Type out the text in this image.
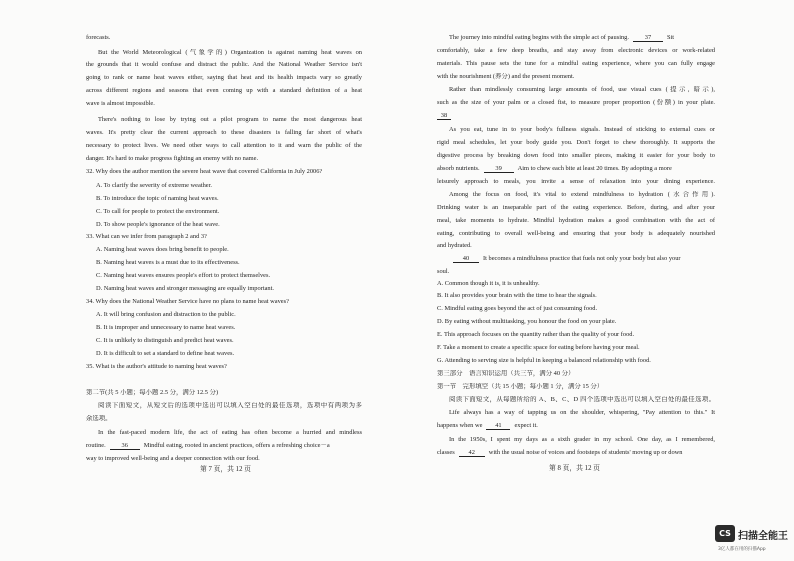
forecasts.
But the World Meteorological (气象学的) Organization is against naming heat waves on
the grounds that it would confuse and distract the public. And the National Weather Service isn't
going to rank or name heat waves either, saying that heat and its health impacts vary so greatly
across different regions and seasons that even coming up with a standard definition of a heat
wave is almost impossible.
There's nothing to lose by trying out a pilot program to name the most dangerous heat
waves. It's pretty clear the current approach to these disasters is falling far short of what's
necessary to protect lives. We need other ways to call attention to it and warn the public of the
danger. It's hard to make progress fighting an enemy with no name.
32. Why does the author mention the severe heat wave that covered California in July 2006?
A. To clarify the severity of extreme weather.
B. To introduce the topic of naming heat waves.
C. To call for people to protect the environment.
D. To show people's ignorance of the heat wave.
33. What can we infer from paragraph 2 and 3?
A. Naming heat waves does bring benefit to people.
B. Naming heat waves is a must due to its effectiveness.
C. Naming heat waves ensures people's effort to protect themselves.
D. Naming heat waves and stronger messaging are equally important.
34. Why does the National Weather Service have no plans to name heat waves?
A. It will bring confusion and distraction to the public.
B. It is improper and unnecessary to name heat waves.
C. It is unlikely to distinguish and predict heat waves.
D. It is difficult to set a standard to define heat waves.
35. What is the author's attitude to naming heat waves?
第二节(共 5 小题；每小题 2.5 分，满分 12.5 分)
阅读下面短文，从短文后的选项中选出可以填入空白处的最佳选项，选项中有两项为多
余选项。
In the fast-paced modern life, the act of eating has often become a hurried and mindless
way to improved well-being and a deeper connection with our food.
routine. 36 Mindful eating, rooted in ancient practices, offers a refreshing choice－a
第 7 页，共 12 页
comfortably, take a few deep breaths, and stay away from electronic devices or work-related
materials. This pause sets the tune for a mindful eating experience, where you can fully engage
with the nourishment (养分) and the present moment.
Rather than mindlessly consuming large amounts of food, use visual cues (提示, 暗示),
such as the size of your palm or a closed fist, to measure proper proportion (份额) in your plate.
As you eat, tune in to your body's fullness signals. Instead of sticking to external cues or
rigid meal schedules, let your body guide you. Don't forget to chew thoroughly. It supports the
digestive process by breaking down food into smaller pieces, making it easier for your body to
leisurely approach to meals, you invite a sense of relaxation into your dining experience.
Among the focus on food, it's vital to extend mindfulness to hydration (水合作用).
Drinking water is an inseparable part of the eating experience. Before, during, and after your
meal, take moments to hydrate. Mindful hydration makes a good combination with the act of
eating, contributing to overall well-being and ensuring that your body is adequately nourished
and hydrated.
soul.
A. Common though it is, it is unhealthy.
B. It also provides your brain with the time to hear the signals.
C. Mindful eating goes beyond the act of just consuming food.
D. By eating without multitasking, you honour the food on your plate.
E. This approach focuses on the quantity rather than the quality of your food.
F. Take a moment to create a specific space for eating before having your meal.
G. Attending to serving size is helpful in keeping a balanced relationship with food.
第三部分　语言知识运用（共三节，满分 40 分）
第一节　完形填空（共 15 小题；每小题 1 分，满分 15 分）
阅读下面短文，从每题所给的 A、B、C、D 四个选项中选出可以填入空白处的最佳选项。
Life always has a way of tapping us on the shoulder, whispering, "Pay attention to this." It
In the 1950s, I spent my days as a sixth grader in my school. One day, as I remembered,
The journey into mindful eating begins with the simple act of pausing. 37 Sit
absorb nutrients. 39 Aim to chew each bite at least 20 times. By adopting a more
40 It becomes a mindfulness practice that fuels not only your body but also your
happens when we 41 expect it.
classes 42 with the usual noise of voices and footsteps of students' moving up or down
38
第 8 页，共 12 页
CS 扫描全能王
3亿人都在用的扫描App
